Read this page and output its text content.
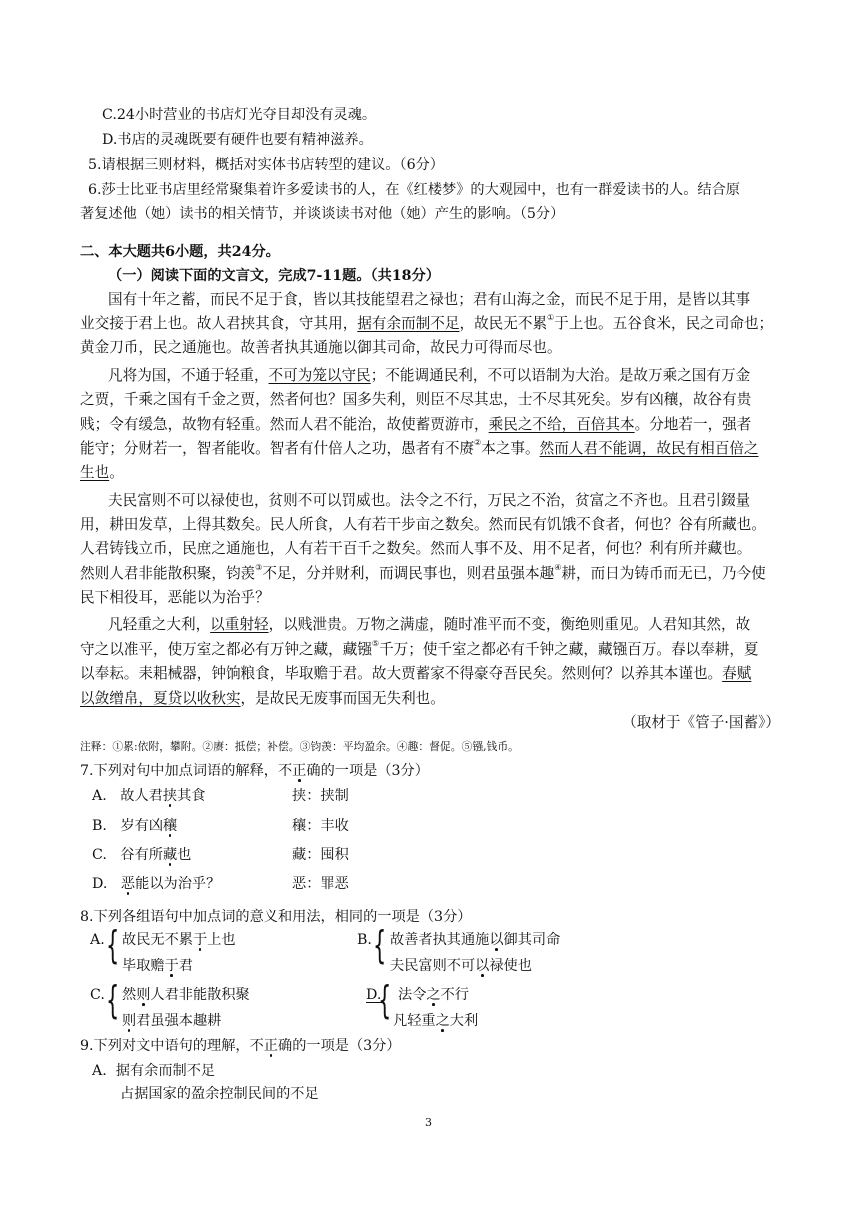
C.24小时营业的书店灯光夺目却没有灵魂。
D.书店的灵魂既要有硬件也要有精神滋养。
5.请根据三则材料，概括对实体书店转型的建议。（6分）
6.莎士比亚书店里经常聚集着许多爱读书的人，在《红楼梦》的大观园中，也有一群爱读书的人。结合原
著复述他（她）读书的相关情节，并谈谈读书对他（她）产生的影响。（5分）
二、本大题共6小题，共24分。
（一）阅读下面的文言文，完成7-11题。（共18分）
国有十年之蓄，而民不足于食，皆以其技能望君之禄也；君有山海之金，而民不足于用，是皆以其事
业交接于君上也。故人君挟其食，守其用，据有余而制不足，故民无不累①于上也。五谷食米，民之司命也；
黄金刀币，民之通施也。故善者执其通施以御其司命，故民力可得而尽也。
凡将为国，不通于轻重，不可为笼以守民；不能调通民利，不可以语制为大治。是故万乘之国有万金
之贾，千乘之国有千金之贾，然者何也？国多失利，则臣不尽其忠，士不尽其死矣。岁有凶穰，故谷有贵
贱；令有缓急，故物有轻重。然而人君不能治，故使蓄贾游市，乘民之不给，百倍其本。分地若一，强者
能守；分财若一，智者能收。智者有什倍人之功，愚者有不赓②本之事。然而人君不能调，故民有相百倍之
生也。
夫民富则不可以禄使也，贫则不可以罚威也。法令之不行，万民之不治，贫富之不齐也。且君引錣量
用，耕田发草，上得其数矣。民人所食，人有若干步亩之数矣。然而民有饥饿不食者，何也？谷有所藏也。
人君铸钱立币，民庶之通施也，人有若干百千之数矣。然而人事不及、用不足者，何也？利有所并藏也。
然则人君非能散积聚，钧羡③不足，分并财利，而调民事也，则君虽强本趣④耕，而日为铸币而无已，乃今使
民下相役耳，恶能以为治乎？
凡轻重之大利，以重射轻，以贱泄贵。万物之满虚，随时准平而不变，衡绝则重见。人君知其然，故
守之以准平，使万室之都必有万钟之藏，藏镪⑤千万；使千室之都必有千钟之藏，藏镪百万。春以奉耕，夏
以奉耘。耒耜械器，钟饷粮食，毕取赡于君。故大贾蓄家不得豪夺吾民矣。然则何？以养其本谨也。春赋
以敛缯帛，夏贷以收秋实，是故民无废事而国无失利也。
（取材于《管子·国蓄》）
注释：①累:依附，攀附。②赓：抵偿；补偿。③钧羡：平均盈余。④趣：督促。⑤镪,钱币。
7.下列对句中加点词语的解释，不正确的一项是（3分）
A. 故人君挟其食	挟：挟制
B. 岁有凶穰	穰：丰收
C. 谷有所藏也	藏：囤积
D. 恶能以为治乎？	恶：罪恶
8.下列各组语句中加点词的意义和用法，相同的一项是（3分）
A. { 故民无不累于上也
毕取赡于君
B. { 故善者执其通施以御其司命
夫民富则不可以禄使也
C. { 然则人君非能散积聚
则君虽强本趣耕
D.
{ 法令之不行
凡轻重之大利
9.下列对文中语句的理解，不正确的一项是（3分）
A. 据有余而制不足
占据国家的盈余控制民间的不足
3
